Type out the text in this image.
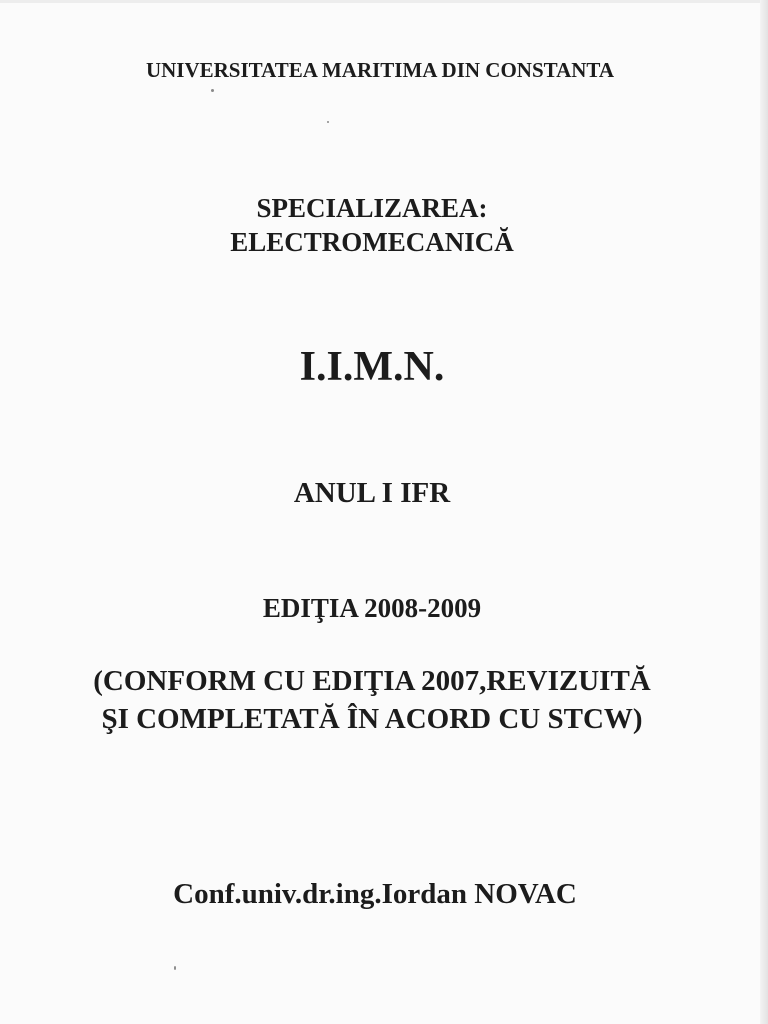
UNIVERSITATEA MARITIMA DIN CONSTANTA
SPECIALIZAREA:
ELECTROMECANICĂ
I.I.M.N.
ANUL I IFR
EDIŢIA 2008-2009
(CONFORM CU EDIŢIA 2007,REVIZUITĂ
ŞI COMPLETATĂ ÎN ACORD CU STCW)
Conf.univ.dr.ing.Iordan NOVAC
